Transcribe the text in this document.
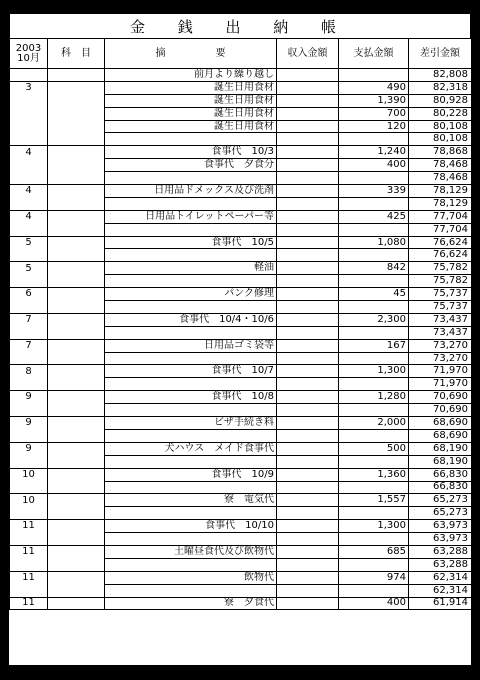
金 銭 出 納 帳
2003
10月	科　目	摘　　　　　要	収入金額	支払金額	差引金額
		前月より繰り越し			82,808
3		誕生日用食材		490	82,318
		誕生日用食材		1,390	80,928
		誕生日用食材		700	80,228
		誕生日用食材		120	80,108
					80,108
4		食事代　10/3		1,240	78,868
		食事代　夕食分		400	78,468
					78,468
4		日用品ドメックス及び洗剤		339	78,129
					78,129
4		日用品トイレットペーパー等		425	77,704
					77,704
5		食事代　10/5		1,080	76,624
					76,624
5		軽油		842	75,782
					75,782
6		パンク修理		45	75,737
					75,737
7		食事代　10/4・10/6		2,300	73,437
					73,437
7		日用品ゴミ袋等		167	73,270
					73,270
8		食事代　10/7		1,300	71,970
					71,970
9		食事代　10/8		1,280	70,690
					70,690
9		ビザ手続き料		2,000	68,690
					68,690
9		犬ハウス　メイド食事代		500	68,190
					68,190
10		食事代　10/9		1,360	66,830
					66,830
10		寮　電気代		1,557	65,273
					65,273
11		食事代　10/10		1,300	63,973
					63,973
11		土曜昼食代及び飲物代		685	63,288
					63,288
11		飲物代		974	62,314
					62,314
11		寮　夕食代		400	61,914
